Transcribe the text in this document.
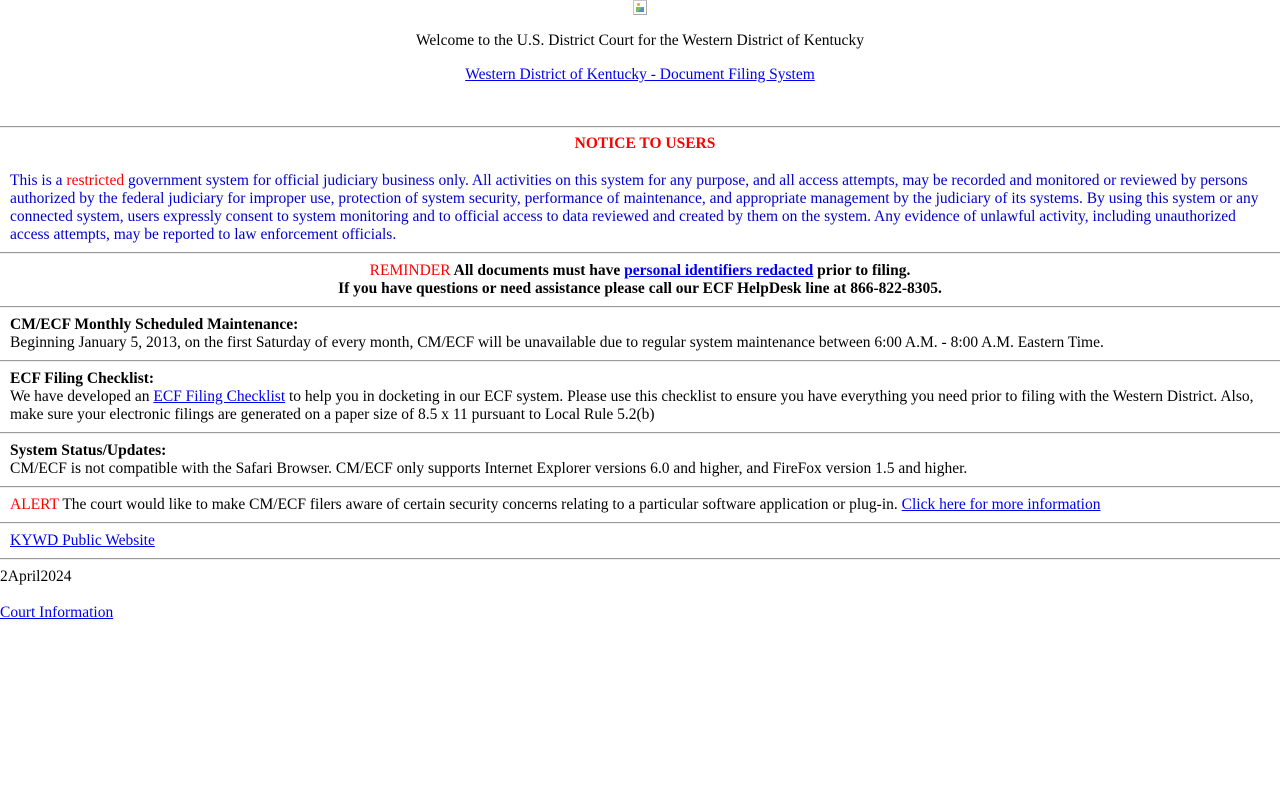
Welcome to the U.S. District Court for the Western District of Kentucky
Western District of Kentucky - Document Filing System
NOTICE TO USERS
This is a restricted government system for official judiciary business only. All activities on this system for any purpose, and all access attempts, may be recorded and monitored or reviewed by persons authorized by the federal judiciary for improper use, protection of system security, performance of maintenance, and appropriate management by the judiciary of its systems. By using this system or any connected system, users expressly consent to system monitoring and to official access to data reviewed and created by them on the system. Any evidence of unlawful activity, including unauthorized access attempts, may be reported to law enforcement officials.
REMINDER All documents must have personal identifiers redacted prior to filing.
If you have questions or need assistance please call our ECF HelpDesk line at 866-822-8305.
CM/ECF Monthly Scheduled Maintenance:
Beginning January 5, 2013, on the first Saturday of every month, CM/ECF will be unavailable due to regular system maintenance between 6:00 A.M. - 8:00 A.M. Eastern Time.
ECF Filing Checklist:
We have developed an ECF Filing Checklist to help you in docketing in our ECF system. Please use this checklist to ensure you have everything you need prior to filing with the Western District. Also, make sure your electronic filings are generated on a paper size of 8.5 x 11 pursuant to Local Rule 5.2(b)
System Status/Updates:
CM/ECF is not compatible with the Safari Browser. CM/ECF only supports Internet Explorer versions 6.0 and higher, and FireFox version 1.5 and higher.
ALERT The court would like to make CM/ECF filers aware of certain security concerns relating to a particular software application or plug-in. Click here for more information
KYWD Public Website
2April2024
Court Information
